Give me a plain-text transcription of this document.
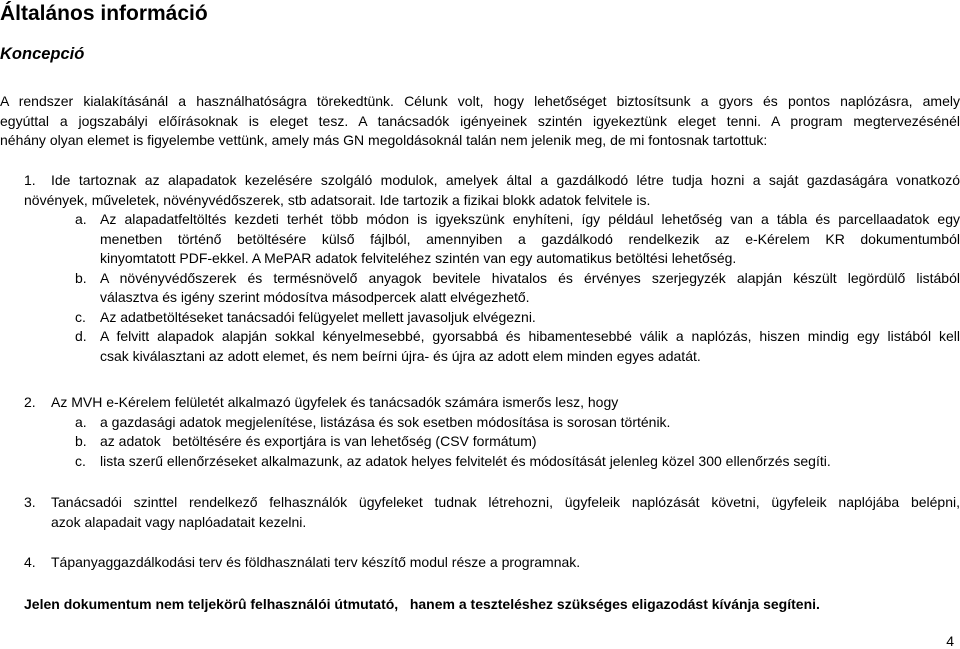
Általános információ
Koncepció
A rendszer kialakításánál a használhatóságra törekedtünk. Célunk volt, hogy lehetőséget biztosítsunk a gyors és pontos naplózásra, amely
egyúttal a jogszabályi előírásoknak is eleget tesz. A tanácsadók igényeinek szintén igyekeztünk eleget tenni. A program megtervezésénél
néhány olyan elemet is figyelembe vettünk, amely más GN megoldásoknál talán nem jelenik meg, de mi fontosnak tartottuk:
1.	Ide tartoznak az alapadatok kezelésére szolgáló modulok, amelyek által a gazdálkodó létre tudja hozni a saját gazdaságára vonatkozó
növények, műveletek, növényvédőszerek, stb adatsorait. Ide tartozik a fizikai blokk adatok felvitele is.
a. Az alapadatfeltöltés kezdeti terhét több módon is igyekszünk enyhíteni, így például lehetőség van a tábla és parcellaadatok egy
menetben történő betöltésére külső fájlból, amennyiben a gazdálkodó rendelkezik az e-Kérelem KR dokumentumból
kinyomtatott PDF-ekkel. A MePAR adatok felviteléhez szintén van egy automatikus betöltési lehetőség.
b. A növényvédőszerek és termésnövelő anyagok bevitele hivatalos és érvényes szerjegyzék alapján készült legördülő listából
választva és igény szerint módosítva másodpercek alatt elvégezhető.
c. Az adatbetöltéseket tanácsadói felügyelet mellett javasoljuk elvégezni.
d. A felvitt alapadok alapján sokkal kényelmesebbé, gyorsabbá és hibamentesebbé válik a naplózás, hiszen mindig egy listából kell
csak kiválasztani az adott elemet, és nem beírni újra- és újra az adott elem minden egyes adatát.
2.	Az MVH e-Kérelem felületét alkalmazó ügyfelek és tanácsadók számára ismerős lesz, hogy
a. a gazdasági adatok megjelenítése, listázása és sok esetben módosítása is sorosan történik.
b. az adatok   betöltésére és exportjára is van lehetőség (CSV formátum)
c. lista szerű ellenőrzéseket alkalmazunk, az adatok helyes felvitelét és módosítását jelenleg közel 300 ellenőrzés segíti.
3.	Tanácsadói szinttel rendelkező felhasználók ügyfeleket tudnak létrehozni, ügyfeleik naplózását követni, ügyfeleik naplójába belépni,
azok alapadait vagy naplóadatait kezelni.
4.	Tápanyaggazdálkodási terv és földhasználati terv készítő modul része a programnak.
Jelen dokumentum nem teljekörû felhasználói útmutató,   hanem a teszteléshez szükséges eligazodást kívánja segíteni.
4
